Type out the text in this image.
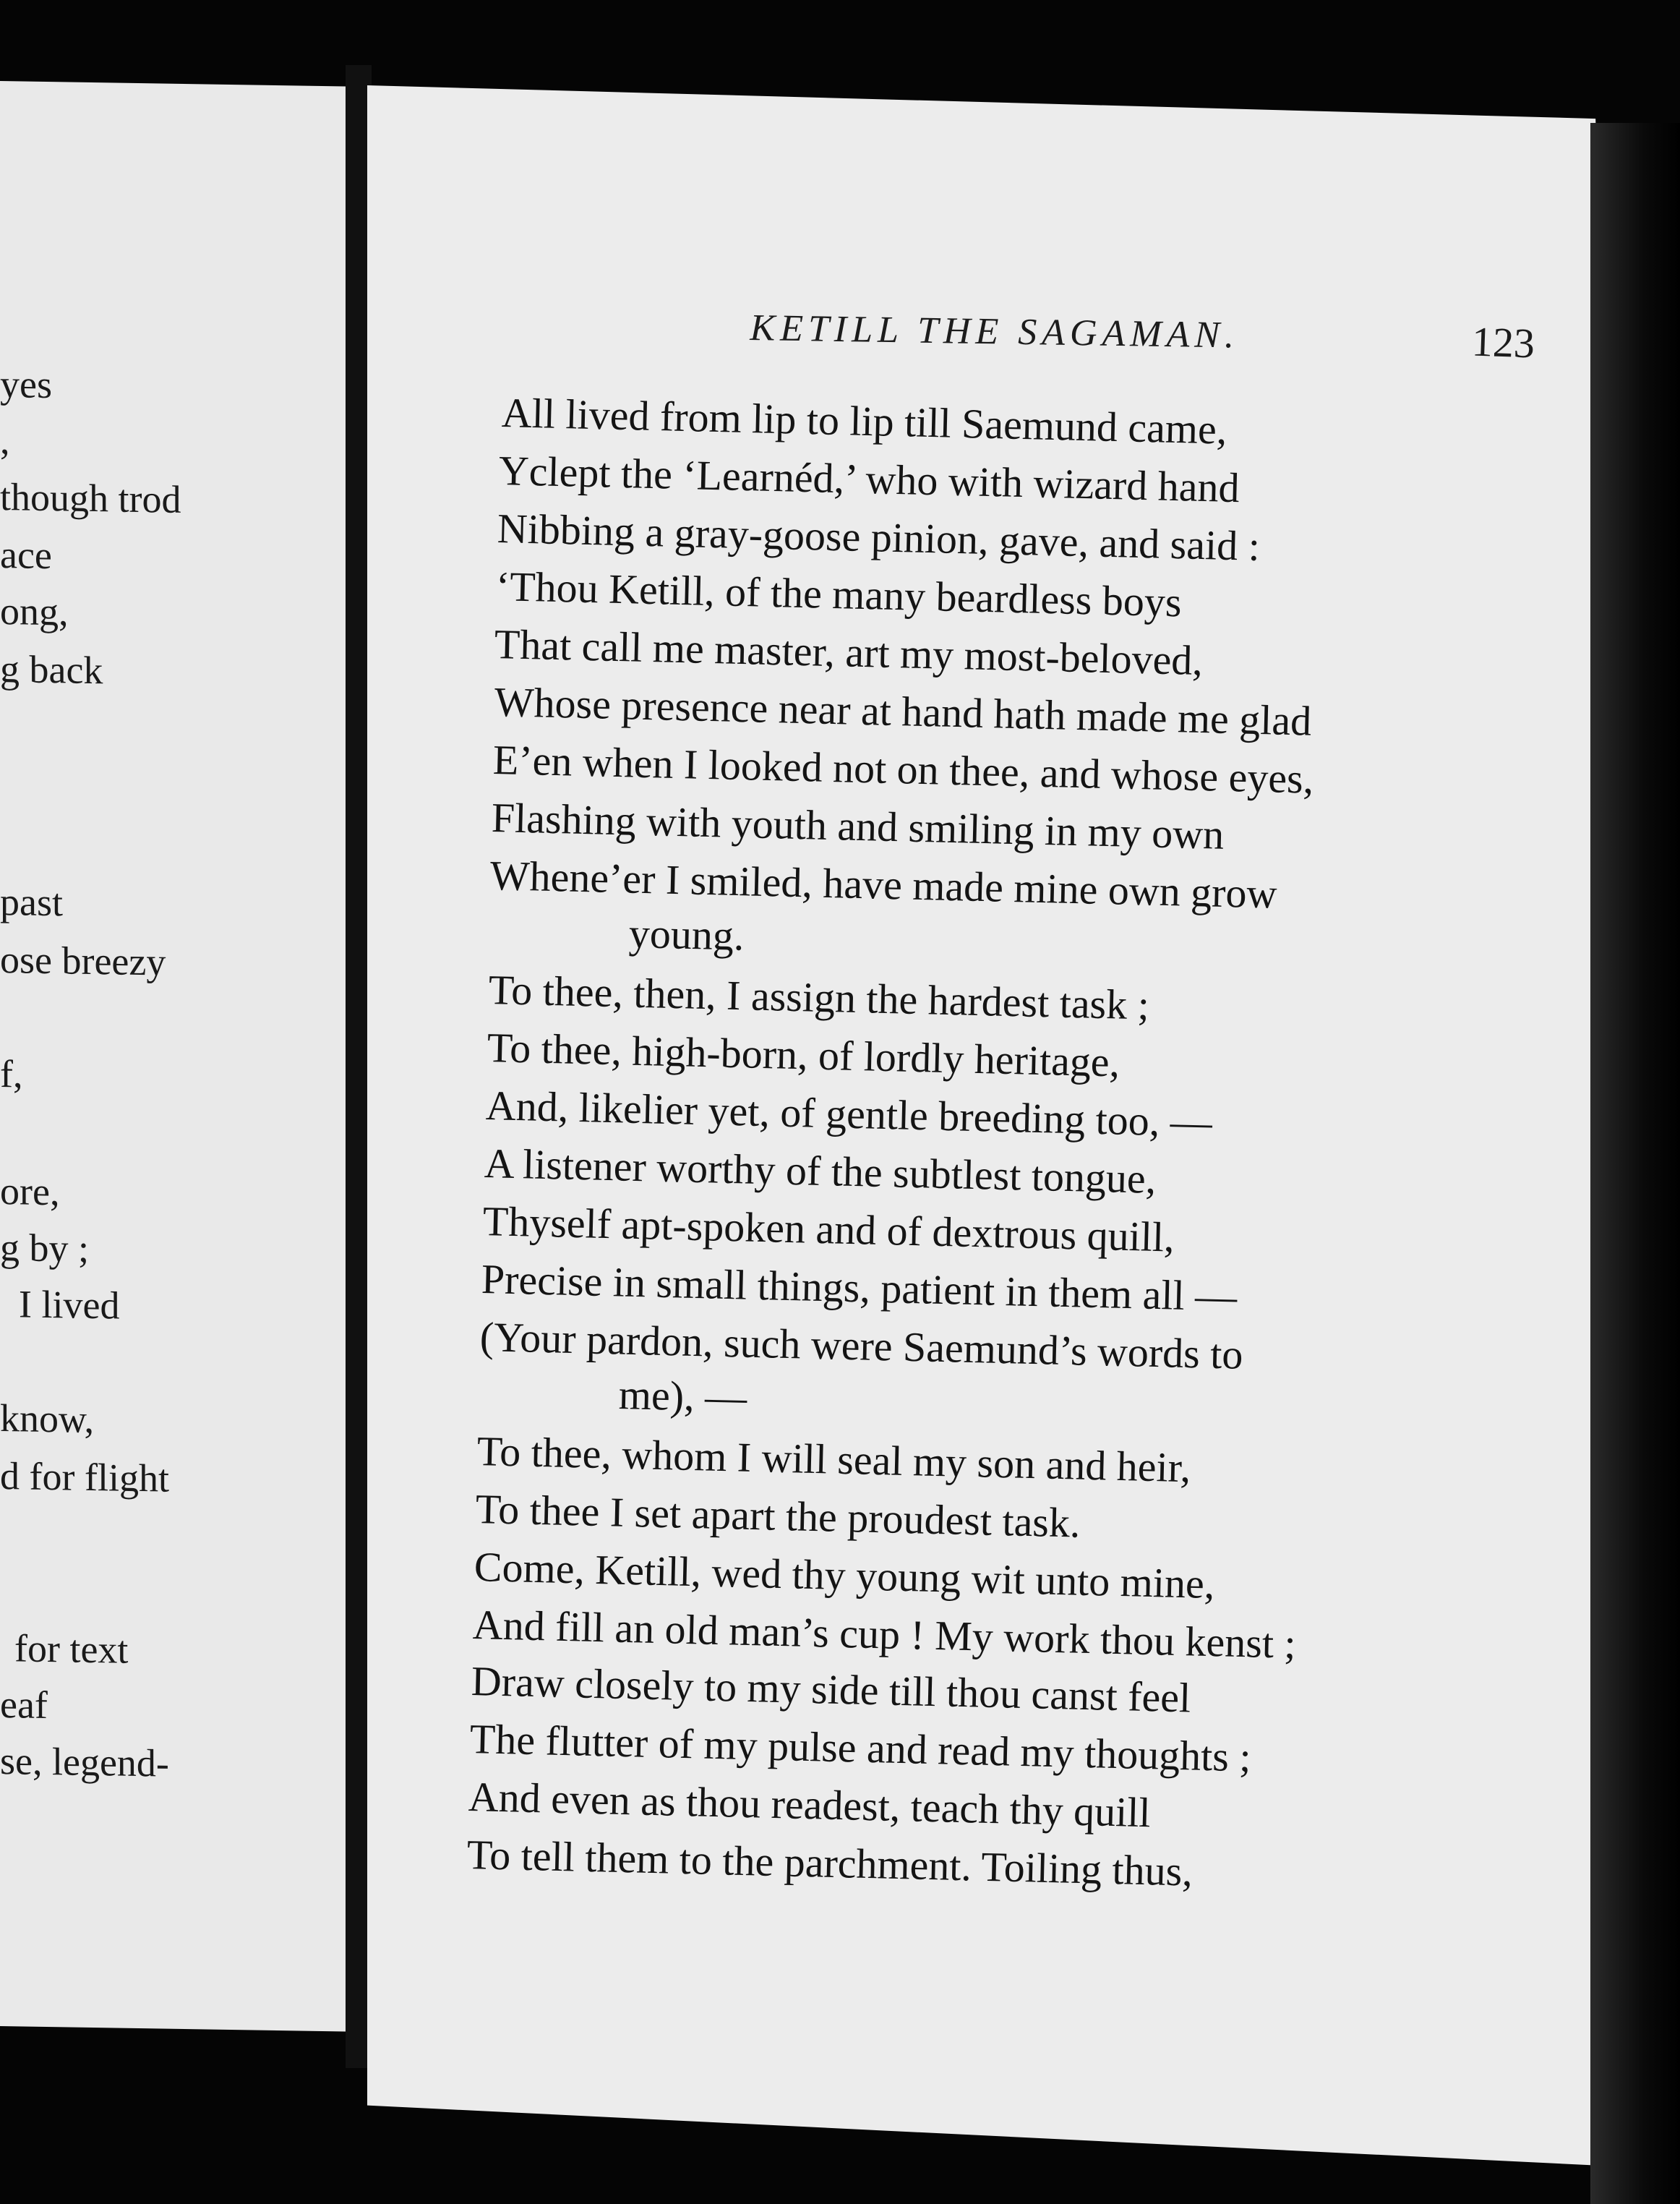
yes
,
though trod
ace
ong,
g back
past
ose breezy
f,
ore,
g by ;
I lived
know,
d for flight
for text
eaf
se, legend-
KETILL THE SAGAMAN.	123
All lived from lip to lip till Saemund came,
Yclept the ‘Learnéd,’ who with wizard hand
Nibbing a gray-goose pinion, gave, and said :
‘Thou Ketill, of the many beardless boys
That call me master, art my most-beloved,
Whose presence near at hand hath made me glad
E’en when I looked not on thee, and whose eyes,
Flashing with youth and smiling in my own
Whene’er I smiled, have made mine own grow
young.
To thee, then, I assign the hardest task ;
To thee, high-born, of lordly heritage,
And, likelier yet, of gentle breeding too, —
A listener worthy of the subtlest tongue,
Thyself apt-spoken and of dextrous quill,
Precise in small things, patient in them all —
(Your pardon, such were Saemund’s words to
me), —
To thee, whom I will seal my son and heir,
To thee I set apart the proudest task.
Come, Ketill, wed thy young wit unto mine,
And fill an old man’s cup ! My work thou kenst ;
Draw closely to my side till thou canst feel
The flutter of my pulse and read my thoughts ;
And even as thou readest, teach thy quill
To tell them to the parchment. Toiling thus,
